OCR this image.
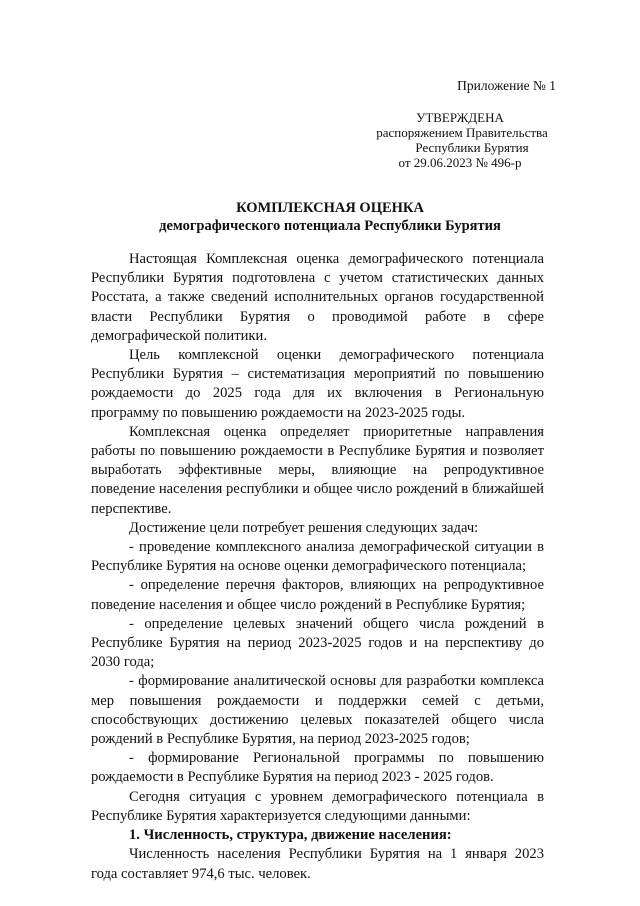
Приложение № 1
УТВЕРЖДЕНА
распоряжением Правительства
Республики Бурятия
от 29.06.2023 № 496-р
КОМПЛЕКСНАЯ ОЦЕНКА
демографического потенциала Республики Бурятия

Настоящая Комплексная оценка демографического потенциала Республики Бурятия подготовлена с учетом статистических данных Росстата, а также сведений исполнительных органов государственной власти Республики Бурятия о проводимой работе в сфере демографической политики.

Цель комплексной оценки демографического потенциала Республики Бурятия – систематизация мероприятий по повышению рождаемости до 2025 года для их включения в Региональную программу по повышению рождаемости на 2023-2025 годы.

Комплексная оценка определяет приоритетные направления работы по повышению рождаемости в Республике Бурятия и позволяет выработать эффективные меры, влияющие на репродуктивное поведение населения республики и общее число рождений в ближайшей перспективе.

Достижение цели потребует решения следующих задач:

- проведение комплексного анализа демографической ситуации в Республике Бурятия на основе оценки демографического потенциала;

- определение перечня факторов, влияющих на репродуктивное поведение населения и общее число рождений в Республике Бурятия;

- определение целевых значений общего числа рождений в Республике Бурятия на период 2023-2025 годов и на перспективу до 2030 года;

- формирование аналитической основы для разработки комплекса мер повышения рождаемости и поддержки семей с детьми, способствующих достижению целевых показателей общего числа рождений в Республике Бурятия, на период 2023-2025 годов;

- формирование Региональной программы по повышению рождаемости в Республике Бурятия на период 2023 - 2025 годов.

Сегодня ситуация с уровнем демографического потенциала в Республике Бурятия характеризуется следующими данными:

1. Численность, структура, движение населения:

Численность населения Республики Бурятия на 1 января 2023 года составляет 974,6 тыс. человек.
